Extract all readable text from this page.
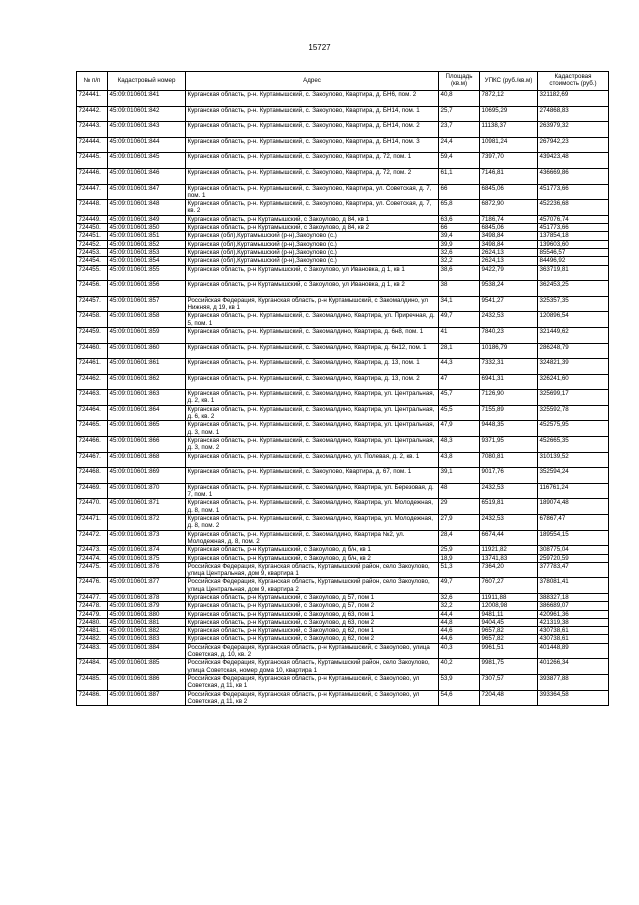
15727
№ п/п	Кадастровый номер	Адрес	Площадь (кв.м)	УПКС (руб./кв.м)	Кадастровая стоимость (руб.)
724441.	45:09:010601:841	Курганская область, р-н. Куртамышский, с. Закоулово, Квартира, д. БН6, пом. 2	40,8	7872,12	321182,69
724442.	45:09:010601:842	Курганская область, р-н. Куртамышский, с. Закоулово, Квартира, д. БН14, пом. 1	25,7	10695,29	274868,83
724443.	45:09:010601:843	Курганская область, р-н. Куртамышский, с. Закоулово, Квартира, д. БН14, пом. 2	23,7	11138,37	263979,32
724444.	45:09:010601:844	Курганская область, р-н. Куртамышский, с. Закоулово, Квартира, д. БН14, пом. 3	24,4	10981,24	267942,23
724445.	45:09:010601:845	Курганская область, р-н. Куртамышский, с. Закоулово, Квартира, д. 72, пом. 1	59,4	7397,70	439423,48
724446.	45:09:010601:846	Курганская область, р-н. Куртамышский, с. Закоулово, Квартира, д. 72, пом. 2	61,1	7146,81	436669,86
724447.	45:09:010601:847	Курганская область, р-н. Куртамышский, с. Закоулово, Квартира, ул. Советская, д. 7, пом. 1	66	6845,06	451773,66
724448.	45:09:010601:848	Курганская область, р-н. Куртамышский, с. Закоулово, Квартира, ул. Советская, д. 7, кв. 2	65,8	6872,90	452236,68
724449.	45:09:010601:849	Курганская область, р-н Куртамышский, с Закоулово, д 84, кв 1	63,6	7186,74	457076,74
724450.	45:09:010601:850	Курганская область, р-н Куртамышский, с Закоулово, д 84, кв 2	66	6845,06	451773,66
724451.	45:09:010601:851	Курганская (обл),Куртамышский (р-н),Закоулово (с.)	39,4	3498,84	137854,18
724452.	45:09:010601:852	Курганская (обл),Куртамышский (р-н),Закоулово (с.)	39,9	3498,84	139603,60
724453.	45:09:010601:853	Курганская (обл),Куртамышский (р-н),Закоулово (с.)	32,6	2624,13	85546,57
724454.	45:09:010601:854	Курганская (обл),Куртамышский (р-н),Закоулово (с.)	32,2	2624,13	84496,92
724455.	45:09:010601:855	Курганская область, р-н Куртамышский, с Закоулово, ул Ивановка, д 1, кв 1	38,6	9422,79	363719,81
724456.	45:09:010601:856	Курганская область, р-н Куртамышский, с Закоулово, ул Ивановка, д 1, кв 2	38	9538,24	362453,25
724457.	45:09:010601:857	Российская Федерация, Курганская область, р-н Куртамышский, с Закомалдино, ул Нижняя, д 19, кв 1	34,1	9541,27	325357,35
724458.	45:09:010601:858	Курганская область, р-н. Куртамышский, с. Закомалдино, Квартира, ул. Приречная, д. 5, пом. 1	49,7	2432,53	120896,54
724459.	45:09:010601:859	Курганская область, р-н. Куртамышский, с. Закомалдино, Квартира, д. 6н8, пом. 1	41	7840,23	321449,62
724460.	45:09:010601:860	Курганская область, р-н. Куртамышский, с. Закомалдино, Квартира, д. 6н12, пом. 1	28,1	10186,79	286248,79
724461.	45:09:010601:861	Курганская область, р-н. Куртамышский, с. Закомалдино, Квартира, д. 13, пом. 1	44,3	7332,31	324821,39
724462.	45:09:010601:862	Курганская область, р-н. Куртамышский, с. Закомалдино, Квартира, д. 13, пом. 2	47	6941,31	326241,60
724463.	45:09:010601:863	Курганская область, р-н. Куртамышский, с. Закомалдино, Квартира, ул. Центральная, д. 2, кв. 1	45,7	7126,90	325699,17
724464.	45:09:010601:864	Курганская область, р-н. Куртамышский, с. Закомалдино, Квартира, ул. Центральная, д. 6, кв. 2	45,5	7155,89	325592,78
724465.	45:09:010601:865	Курганская область, р-н. Куртамышский, с. Закомалдино, Квартира, ул. Центральная, д. 3, пом. 1	47,9	9448,35	452575,95
724466.	45:09:010601:866	Курганская область, р-н. Куртамышский, с. Закомалдино, Квартира, ул. Центральная, д. 3, пом. 2	48,3	9371,95	452665,35
724467.	45:09:010601:868	Курганская область, р-н. Куртамышский, с. Закомалдино, ул. Полевая, д. 2, кв. 1	43,8	7080,81	310139,52
724468.	45:09:010601:869	Курганская область, р-н. Куртамышский, с. Закоулово, Квартира, д. 67, пом. 1	39,1	9017,76	352594,24
724469.	45:09:010601:870	Курганская область, р-н. Куртамышский, с. Закомалдино, Квартира, ул. Березовая, д. 7, пом. 1	48	2432,53	116761,24
724470.	45:09:010601:871	Курганская область, р-н. Куртамышский, с. Закомалдино, Квартира, ул. Молодежная, д. 8, пом. 1	29	6519,81	189074,48
724471.	45:09:010601:872	Курганская область, р-н. Куртамышский, с. Закомалдино, Квартира, ул. Молодежная, д. 8, пом. 2	27,9	2432,53	67867,47
724472.	45:09:010601:873	Курганская область, р-н. Куртамышский, с. Закомалдино, Квартира №2, ул. Молодежная, д. 8, пом. 2	28,4	6674,44	189554,15
724473.	45:09:010601:874	Курганская область, р-н Куртамышский, с Закоулово, д б/н, кв 1	25,9	11921,82	308775,04
724474.	45:09:010601:875	Курганская область, р-н Куртамышский, с Закоулово, д б/н, кв 2	18,9	13741,83	259720,59
724475.	45:09:010601:876	Российская Федерация, Курганская область, Куртамышский район, село Закоулово, улица Центральная, дом 9, квартира 1	51,3	7364,20	377783,47
724476.	45:09:010601:877	Российская Федерация, Курганская область, Куртамышский район, село Закоулово, улица Центральная, дом 9, квартира 2	49,7	7607,27	378081,41
724477.	45:09:010601:878	Курганская область, р-н Куртамышский, с Закоулово, д 57, пом 1	32,6	11911,88	388327,18
724478.	45:09:010601:879	Курганская область, р-н Куртамышский, с Закоулово, д 57, пом 2	32,2	12008,98	386689,07
724479.	45:09:010601:880	Курганская область, р-н Куртамышский, с Закоулово, д 63, пом 1	44,4	9481,11	420961,36
724480.	45:09:010601:881	Курганская область, р-н Куртамышский, с Закоулово, д 63, пом 2	44,8	9404,45	421319,38
724481.	45:09:010601:882	Курганская область, р-н Куртамышский, с Закоулово, д 62, пом 1	44,6	9657,82	430738,61
724482.	45:09:010601:883	Курганская область, р-н Куртамышский, с Закоулово, д 62, пом 2	44,6	9657,82	430738,61
724483.	45:09:010601:884	Российская Федерация, Курганская область, р-н Куртамышский, с Закоулово, улица Советская, д. 10, кв. 2	40,3	9961,51	401448,89
724484.	45:09:010601:885	Российская Федерация, Курганская область, Куртамышский район, село Закоулово, улица Советская, номер дома 10, квартира 1	40,2	9981,75	401266,34
724485.	45:09:010601:886	Российская Федерация, Курганская область, р-н Куртамышский, с Закоулово, ул Советская, д 11, кв 1	53,9	7307,57	393877,88
724486.	45:09:010601:887	Российская Федерация, Курганская область, р-н Куртамышский, с Закоулово, ул Советская, д 11, кв 2	54,6	7204,48	393364,58
